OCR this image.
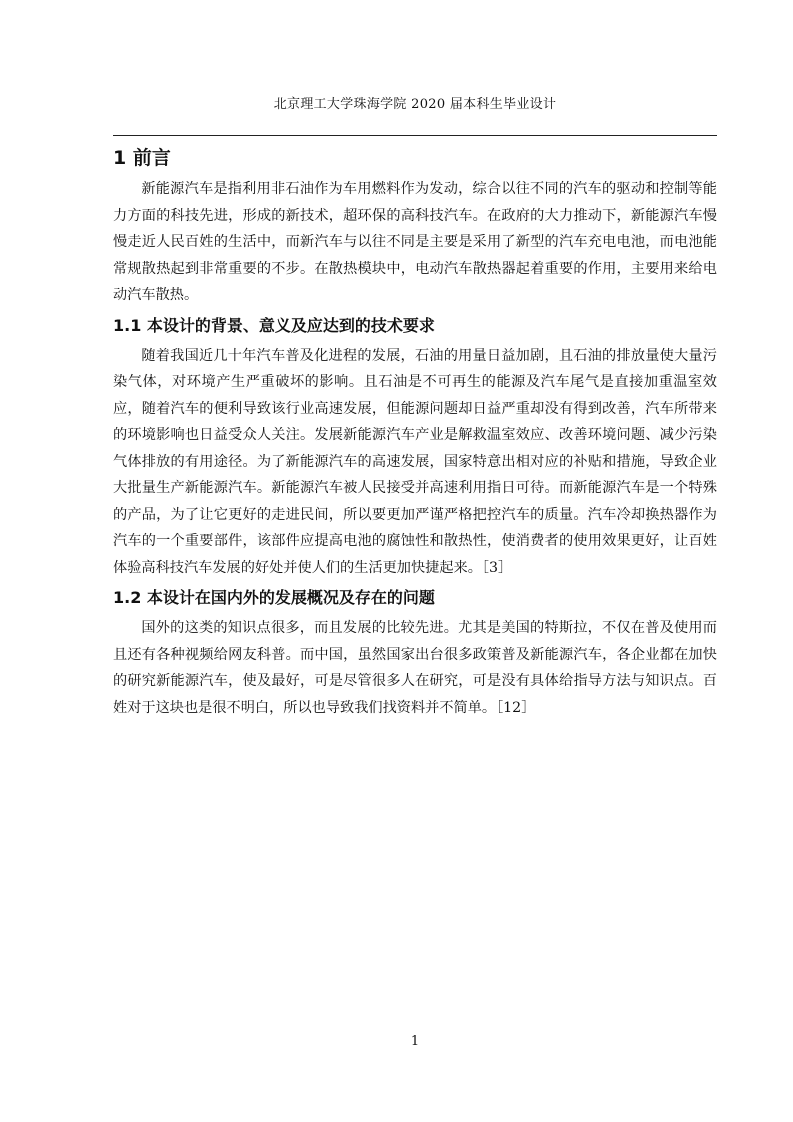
北京理工大学珠海学院 2020 届本科生毕业设计
1 前言

新能源汽车是指利用非石油作为车用燃料作为发动，综合以往不同的汽车的驱动和控制等能力方面的科技先进，形成的新技术，超环保的高科技汽车。在政府的大力推动下，新能源汽车慢慢走近人民百姓的生活中，而新汽车与以往不同是主要是采用了新型的汽车充电电池，而电池能常规散热起到非常重要的不步。在散热模块中，电动汽车散热器起着重要的作用，主要用来给电动汽车散热。

1.1 本设计的背景、意义及应达到的技术要求

随着我国近几十年汽车普及化进程的发展，石油的用量日益加剧，且石油的排放量使大量污染气体，对环境产生严重破坏的影响。且石油是不可再生的能源及汽车尾气是直接加重温室效应，随着汽车的便利导致该行业高速发展，但能源问题却日益严重却没有得到改善，汽车所带来的环境影响也日益受众人关注。发展新能源汽车产业是解救温室效应、改善环境问题、减少污染气体排放的有用途径。为了新能源汽车的高速发展，国家特意出相对应的补贴和措施，导致企业大批量生产新能源汽车。新能源汽车被人民接受并高速利用指日可待。而新能源汽车是一个特殊的产品，为了让它更好的走进民间，所以要更加严谨严格把控汽车的质量。汽车冷却换热器作为汽车的一个重要部件，该部件应提高电池的腐蚀性和散热性，使消费者的使用效果更好，让百姓体验高科技汽车发展的好处并使人们的生活更加快捷起来。［3］

1.2 本设计在国内外的发展概况及存在的问题

国外的这类的知识点很多，而且发展的比较先进。尤其是美国的特斯拉，不仅在普及使用而且还有各种视频给网友科普。而中国，虽然国家出台很多政策普及新能源汽车，各企业都在加快的研究新能源汽车，使及最好，可是尽管很多人在研究，可是没有具体给指导方法与知识点。百姓对于这块也是很不明白，所以也导致我们找资料并不简单。［12］

1
